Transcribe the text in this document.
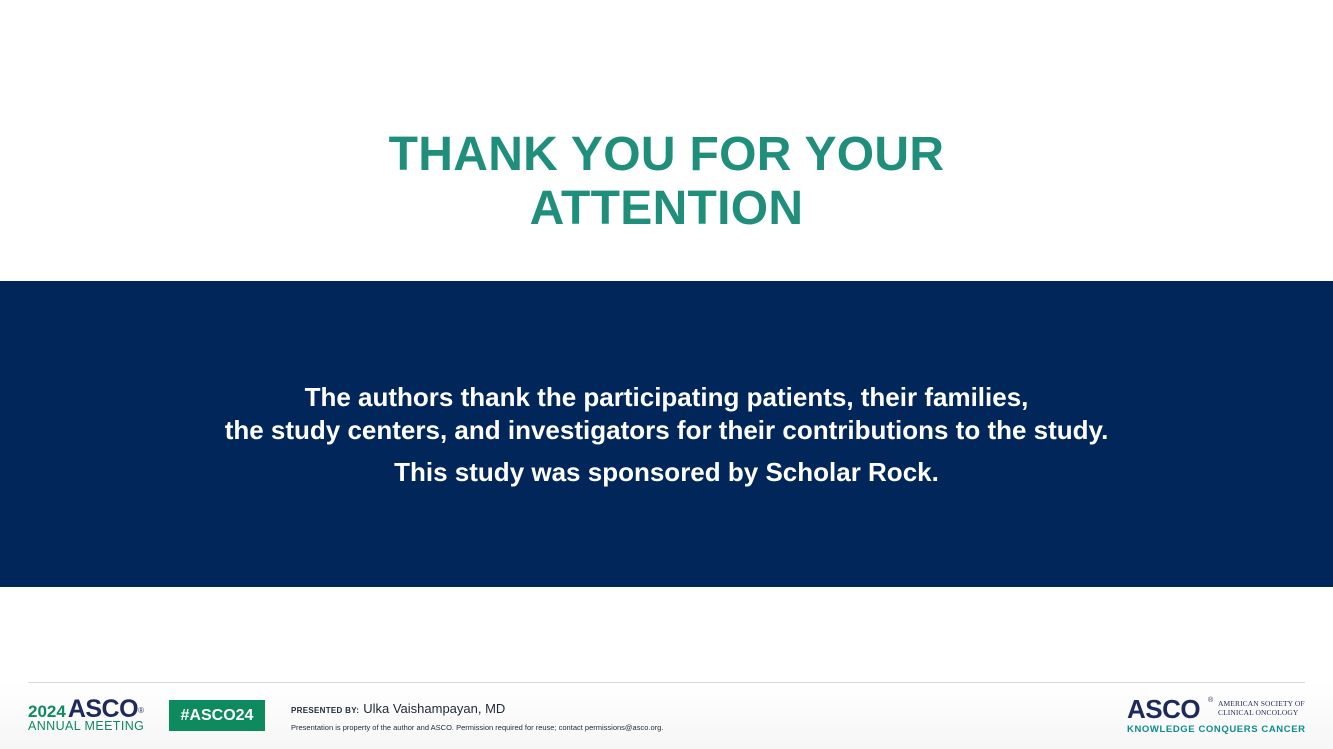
THANK YOU FOR YOUR
ATTENTION
The authors thank the participating patients, their families,
the study centers, and investigators for their contributions to the study.
This study was sponsored by Scholar Rock.
2024ASCO®
ANNUAL MEETING
#ASCO24	PRESENTED BY: Ulka Vaishampayan, MD
Presentation is property of the author and ASCO. Permission required for reuse; contact permissions@asco.org.
ASCO ® AMERICAN SOCIETY OF
CLINICAL ONCOLOGY
KNOWLEDGE CONQUERS CANCER
